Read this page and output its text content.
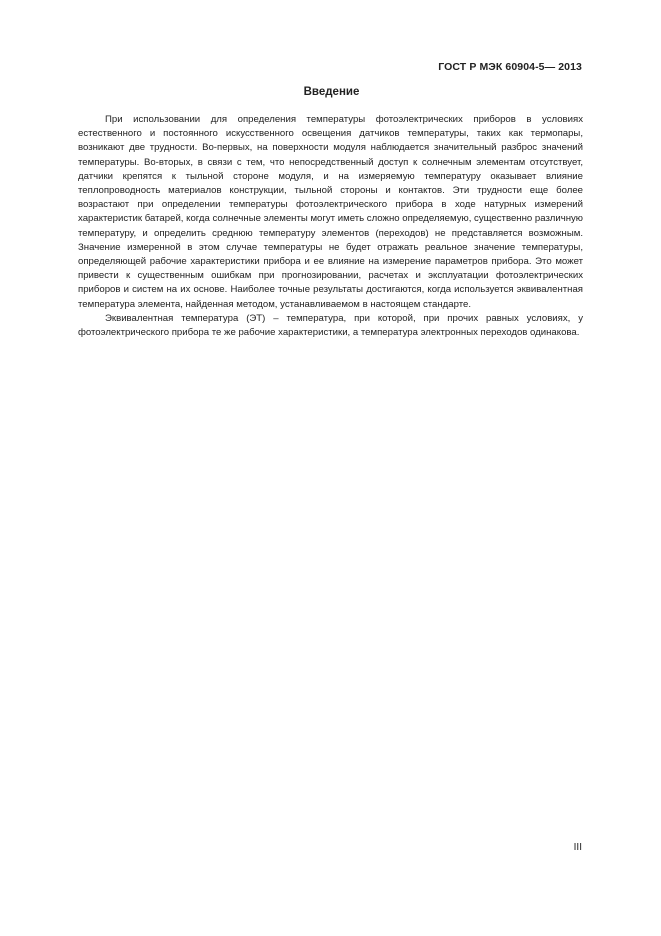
ГОСТ Р МЭК 60904-5— 2013
Введение

При использовании для определения температуры фотоэлектрических приборов в условиях естественного и постоянного искусственного освещения датчиков температуры, таких как термопары, возникают две трудности. Во-первых, на поверхности модуля наблюдается значительный разброс значений температуры. Во-вторых, в связи с тем, что непосредственный доступ к солнечным элементам отсутствует, датчики крепятся к тыльной стороне модуля, и на измеряемую температуру оказывает влияние теплопроводность материалов конструкции, тыльной стороны и контактов. Эти трудности еще более возрастают при определении температуры фотоэлектрического прибора в ходе натурных измерений характеристик батарей, когда солнечные элементы могут иметь сложно определяемую, существенно различную температуру, и определить среднюю температуру элементов (переходов) не представляется возможным. Значение измеренной в этом случае температуры не будет отражать реальное значение температуры, определяющей рабочие характеристики прибора и ее влияние на измерение параметров прибора. Это может привести к существенным ошибкам при прогнозировании, расчетах и эксплуатации фотоэлектрических приборов и систем на их основе. Наиболее точные результаты достигаются, когда используется эквивалентная температура элемента, найденная методом, устанавливаемом в настоящем стандарте.

Эквивалентная температура (ЭТ) – температура, при которой, при прочих равных условиях, у фотоэлектрического прибора те же рабочие характеристики, а температура электронных переходов одинакова.

III
